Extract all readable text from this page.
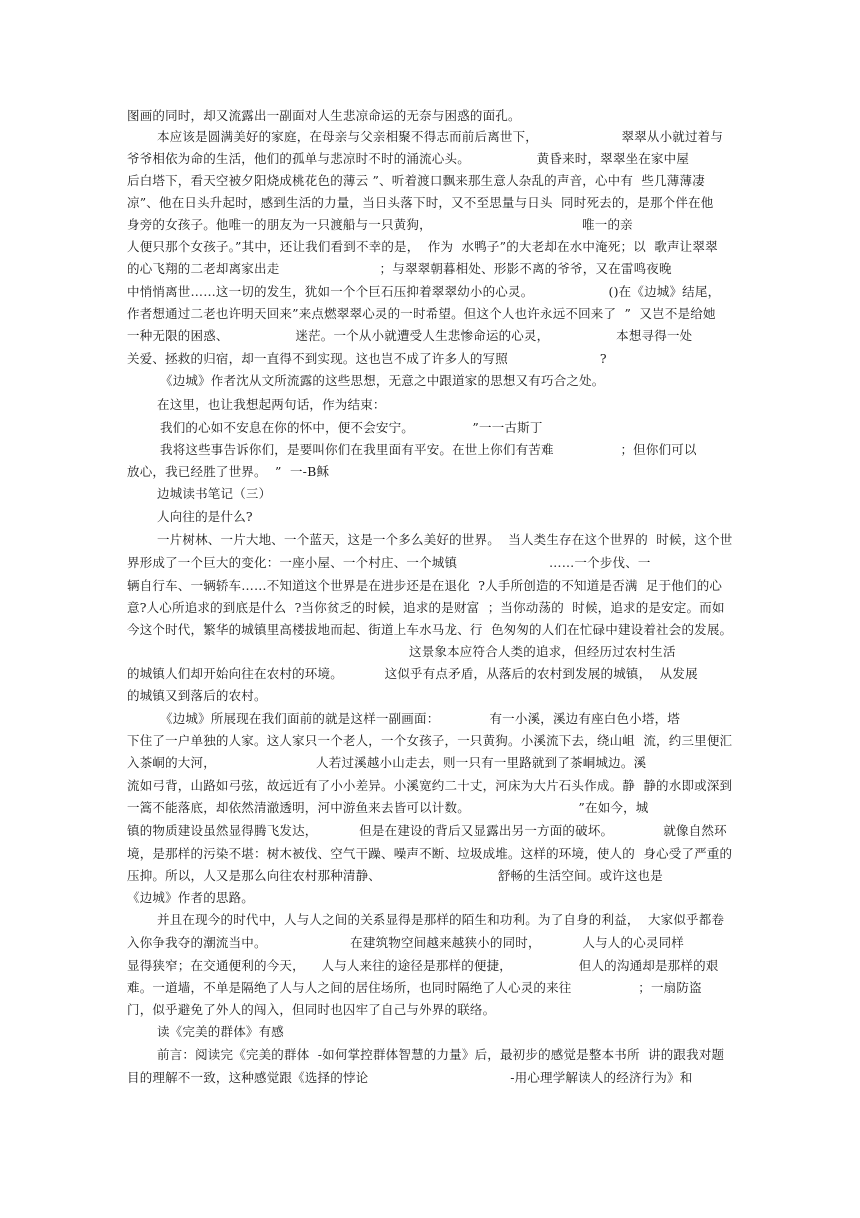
图画的同时，却又流露出一副面对人生悲凉命运的无奈与困惑的面孔。
本应该是圆满美好的家庭，在母亲与父亲相聚不得志而前后离世下，                    翠翠从小就过着与
爷爷相依为命的生活，他们的孤单与悲凉时不时的涌流心头。                黄昏来时，翠翠坐在家中屋
后白塔下，看天空被夕阳烧成桃花色的薄云 ”、听着渡口飘来那生意人杂乱的声音，心中有  些几薄薄凄
凉”、他在日头升起时，感到生活的力量，当日头落下时，又不至思量与日头  同时死去的，是那个伴在他
身旁的女孩子。他唯一的朋友为一只渡船与一只黄狗，                                    唯一的亲
人便只那个女孩子。”其中，还让我们看到不幸的是，  作为  水鸭子”的大老却在水中淹死；以  歌声让翠翠
的心飞翔的二老却离家出走                        ；与翠翠朝暮相处、形影不离的爷爷，又在雷鸣夜晚
中悄悄离世……这一切的发生，犹如一个个巨石压抑着翠翠幼小的心灵。                  ()在《边城》结尾，
作者想通过二老也许明天回来”来点燃翠翠心灵的一时希望。但这个人也许永远不回来了  ”  又岂不是给她
一种无限的困惑、                迷茫。一个从小就遭受人生悲惨命运的心灵，                本想寻得一处
关爱、拯救的归宿，却一直得不到实现。这也岂不成了许多人的写照                      ?
《边城》作者沈从文所流露的这些思想，无意之中跟道家的思想又有巧合之处。
在这里，也让我想起两句话，作为结束：
我们的心如不安息在你的怀中，便不会安宁。              ”一一古斯丁
我将这些事告诉你们，是要叫你们在我里面有平安。在世上你们有苦难                ；但你们可以
放心，我已经胜了世界。  ”  一-B稣
边城读书笔记（三）
人向往的是什么?
一片树林、一片大地、一个蓝天，这是一个多么美好的世界。  当人类生存在这个世界的  时候，这个世
界形成了一个巨大的变化：一座小屋、一个村庄、一个城镇                      ……一个步伐、一
辆自行车、一辆轿车……不知道这个世界是在进步还是在退化  ?人手所创造的不知道是否满  足于他们的心
意?人心所追求的到底是什么  ?当你贫乏的时候，追求的是财富  ；当你动荡的  时候，追求的是安定。而如
今这个时代，繁华的城镇里高楼拔地而起、街道上车水马龙、行  色匆匆的人们在忙碌中建设着社会的发展。
这景象本应符合人类的追求，但经历过农村生活
的城镇人们却开始向往在农村的环境。          这似乎有点矛盾，从落后的农村到发展的城镇，  从发展
的城镇又到落后的农村。
《边城》所展现在我们面前的就是这样一副画面：            有一小溪，溪边有座白色小塔，塔
下住了一户单独的人家。这人家只一个老人，一个女孩子，一只黄狗。小溪流下去，绕山岨  流，约三里便汇
入茶峒的大河，                        人若过溪越小山走去，则一只有一里路就到了茶峒城边。溪
流如弓背，山路如弓弦，故远近有了小小差异。小溪宽约二十丈，河床为大片石头作成。静  静的水即或深到
一篙不能落底，却依然清澈透明，河中游鱼来去皆可以计数。                          ”在如今，城
镇的物质建设虽然显得腾飞发达，          但是在建设的背后又显露出另一方面的破坏。            就像自然环
境，是那样的污染不堪：树木被伐、空气干躁、噪声不断、垃圾成堆。这样的环境，使人的  身心受了严重的
压抑。所以，人又是那么向往农村那种清静、                            舒畅的生活空间。或许这也是
《边城》作者的思路。
并且在现今的时代中，人与人之间的关系显得是那样的陌生和功利。为了自身的利益，  大家似乎都卷
入你争我夺的潮流当中。                    在建筑物空间越来越狭小的同时，          人与人的心灵同样
显得狭窄；在交通便利的今天，    人与人来往的途径是那样的便捷，                但人的沟通却是那样的艰
难。一道墙，不单是隔绝了人与人之间的居住场所，也同时隔绝了人心灵的来往                ；一扇防盗
门，似乎避免了外人的闯入，但同时也囚牢了自己与外界的联络。
读《完美的群体》有感
前言：阅读完《完美的群体  -如何掌控群体智慧的力量》后，最初步的感觉是整本书所  讲的跟我对题
目的理解不一致，这种感觉跟《选择的悖论                                  -用心理学解读人的经济行为》和
